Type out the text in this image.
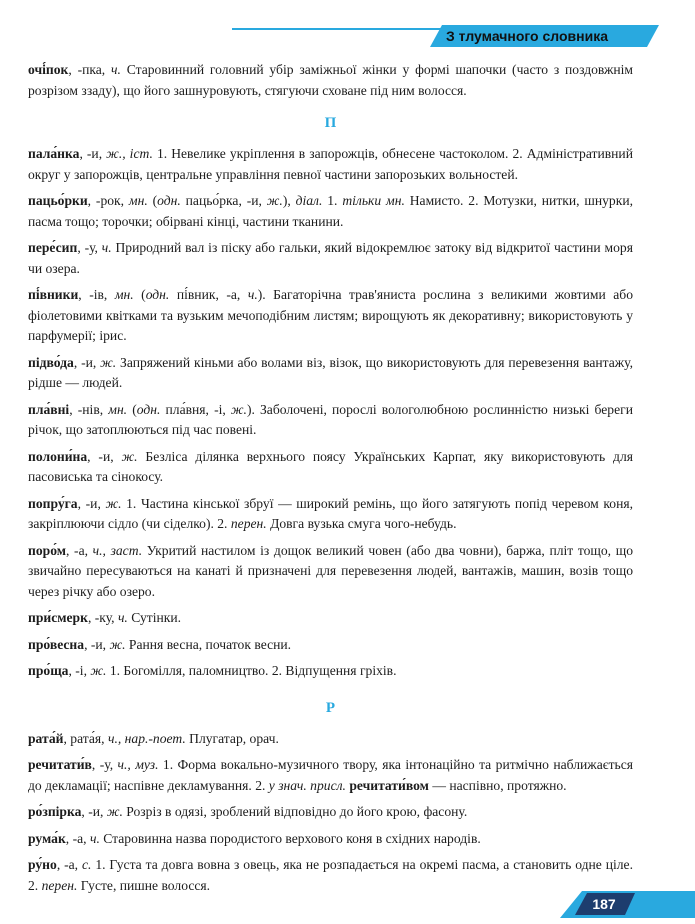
З тлумачного словника

очі́пок, -пка, ч. Старовинний головний убір заміжньої жінки у формі шапочки (часто з поздовжнім розрізом ззаду), що його зашнуровують, стягуючи сховане під ним волосся.

П

пала́нка, -и, ж., іст. 1. Невелике укріплення в запорожців, обнесене частоколом. 2. Адміністративний округ у запорожців, центральне управління певної частини запорозьких вольностей.

пацьо́рки, -рок, мн. (одн. пацьо́рка, -и, ж.), діал. 1. тільки мн. Намисто. 2. Мотузки, нитки, шнурки, пасма тощо; торочки; обірвані кінці, частини тканини.

пере́сип, -у, ч. Природний вал із піску або гальки, який відокремлює затоку від відкритої частини моря чи озера.

пі́вники, -ів, мн. (одн. пі́вник, -а, ч.). Багаторічна трав'яниста рослина з великими жовтими або фіолетовими квітками та вузьким мечоподібним листям; вирощують як декоративну; використовують у парфумерії; ірис.

підво́да, -и, ж. Запряжений кіньми або волами віз, візок, що використовують для перевезення вантажу, рідше — людей.

пла́вні, -нів, мн. (одн. пла́вня, -і, ж.). Заболочені, порослі вологолюбною рослинністю низькі береги річок, що затоплюються під час повені.

полони́на, -и, ж. Безліса ділянка верхнього поясу Українських Карпат, яку використовують для пасовиська та сінокосу.

попру́га, -и, ж. 1. Частина кінської збруї — широкий ремінь, що його затягують попід черевом коня, закріплюючи сідло (чи сіделко). 2. перен. Довга вузька смуга чого-небудь.

поро́м, -а, ч., заст. Укритий настилом із дощок великий човен (або два човни), баржа, пліт тощо, що звичайно пересуваються на канаті й призначені для перевезення людей, вантажів, машин, возів тощо через річку або озеро.

при́смерк, -ку, ч. Сутінки.

про́весна, -и, ж. Рання весна, початок весни.

про́ща, -і, ж. 1. Богомілля, паломництво. 2. Відпущення гріхів.

Р

рата́й, рата́я, ч., нар.-поет. Плугатар, орач.

речитати́в, -у, ч., муз. 1. Форма вокально-музичного твору, яка інтонаційно та ритмічно наближається до декламації; наспівне декламування. 2. у знач. присл. речитати́вом — наспівно, протяжно.

ро́зпірка, -и, ж. Розріз в одязі, зроблений відповідно до його крою, фасону.

рума́к, -а, ч. Старовинна назва породистого верхового коня в східних народів.

ру́но, -а, с. 1. Густа та довга вовна з овець, яка не розпадається на окремі пасма, а становить одне ціле. 2. перен. Густе, пишне волосся.

187
